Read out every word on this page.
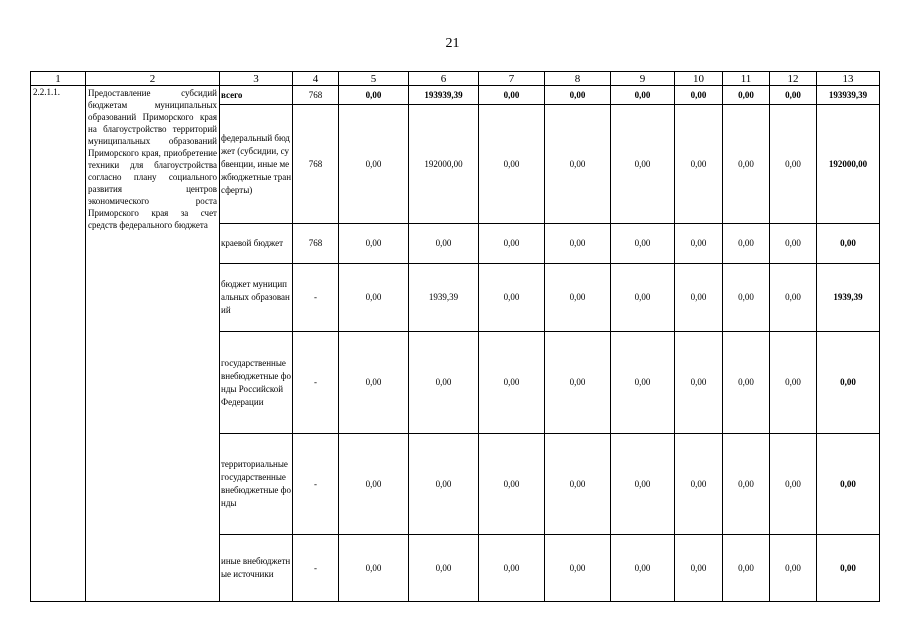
21
1	2	3	4	5	6	7	8	9	10	11	12	13
2.2.1.1.	Предоставление субсидий бюджетам муниципальных образований Приморского края на благоустройство территорий муниципальных образований Приморского края, приобретение техники для благоустройства согласно плану социального развития центров экономического роста Приморского края за счет средств федерального бюджета	всего	768	0,00	193939,39	0,00	0,00	0,00	0,00	0,00	0,00	193939,39
		федеральный бюджет (субсидии, субвенции, иные межбюджетные трансферты)	768	0,00	192000,00	0,00	0,00	0,00	0,00	0,00	0,00	192000,00
		краевой бюджет	768	0,00	0,00	0,00	0,00	0,00	0,00	0,00	0,00	0,00
		бюджет муниципальных образований	-	0,00	1939,39	0,00	0,00	0,00	0,00	0,00	0,00	1939,39
		государственные внебюджетные фонды Российской Федерации	-	0,00	0,00	0,00	0,00	0,00	0,00	0,00	0,00	0,00
		территориальные государственные внебюджетные фонды	-	0,00	0,00	0,00	0,00	0,00	0,00	0,00	0,00	0,00
		иные внебюджетные источники	-	0,00	0,00	0,00	0,00	0,00	0,00	0,00	0,00	0,00
